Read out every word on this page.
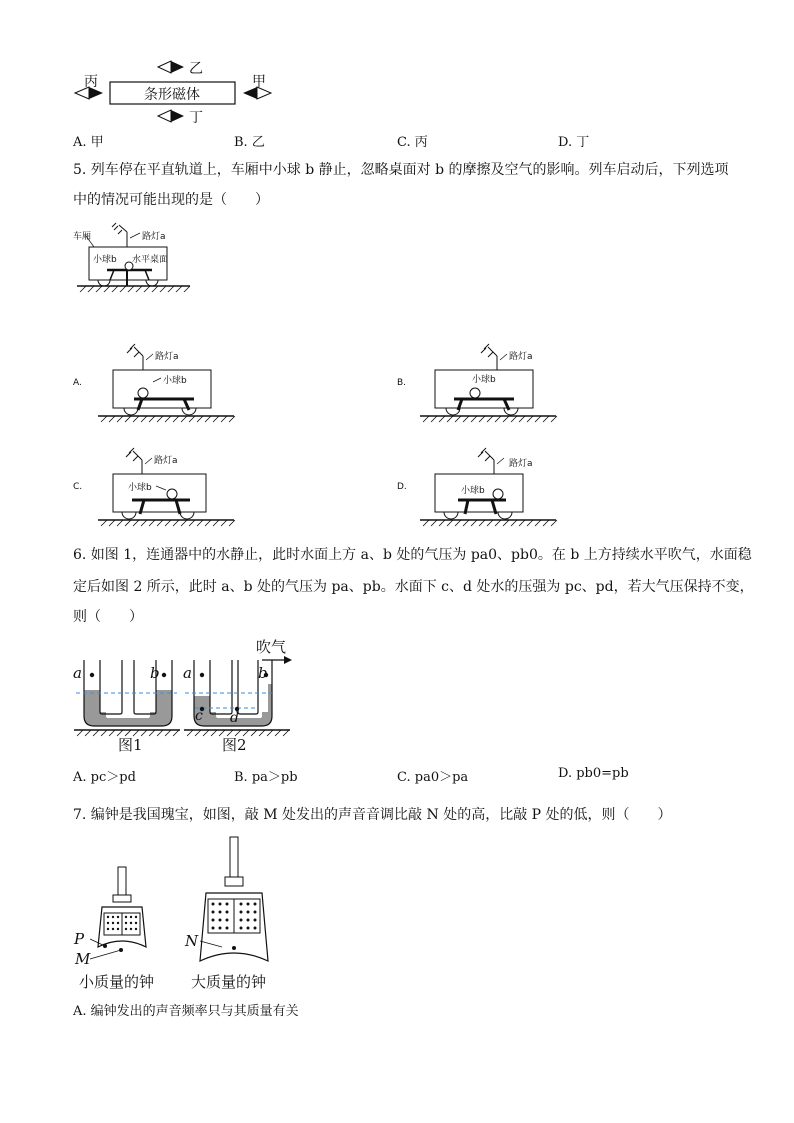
乙
丙	甲
丁
条形磁体
A. 甲	B. 乙	C. 丙	D. 丁
5. 列车停在平直轨道上，车厢中小球 b 静止，忽略桌面对 b 的摩擦及空气的影响。列车启动后，下列选项
中的情况可能出现的是（　　）
车厢	路灯a
小球b 水平桌面
A.
路灯a
小球b	B.
路灯a
小球b
C.
路灯a
小球b	D.
路灯a
小球b
6. 如图 1，连通器中的水静止，此时水面上方 a、b 处的气压为 pa0、pb0。在 b 上方持续水平吹气，水面稳
定后如图 2 所示，此时 a、b 处的气压为 pa、pb。水面下 c、d 处水的压强为 pc、pd，若大气压保持不变，
则（　　）
吹气
a	b a	b
c d
图1	图2
A. pc＞pd	B. pa＞pb	C. pa0＞pa	D. pb0=pb
7. 编钟是我国瑰宝，如图，敲 M 处发出的声音音调比敲 N 处的高，比敲 P 处的低，则（　　）
P
M
N
小质量的钟 大质量的钟
A. 编钟发出的声音频率只与其质量有关
